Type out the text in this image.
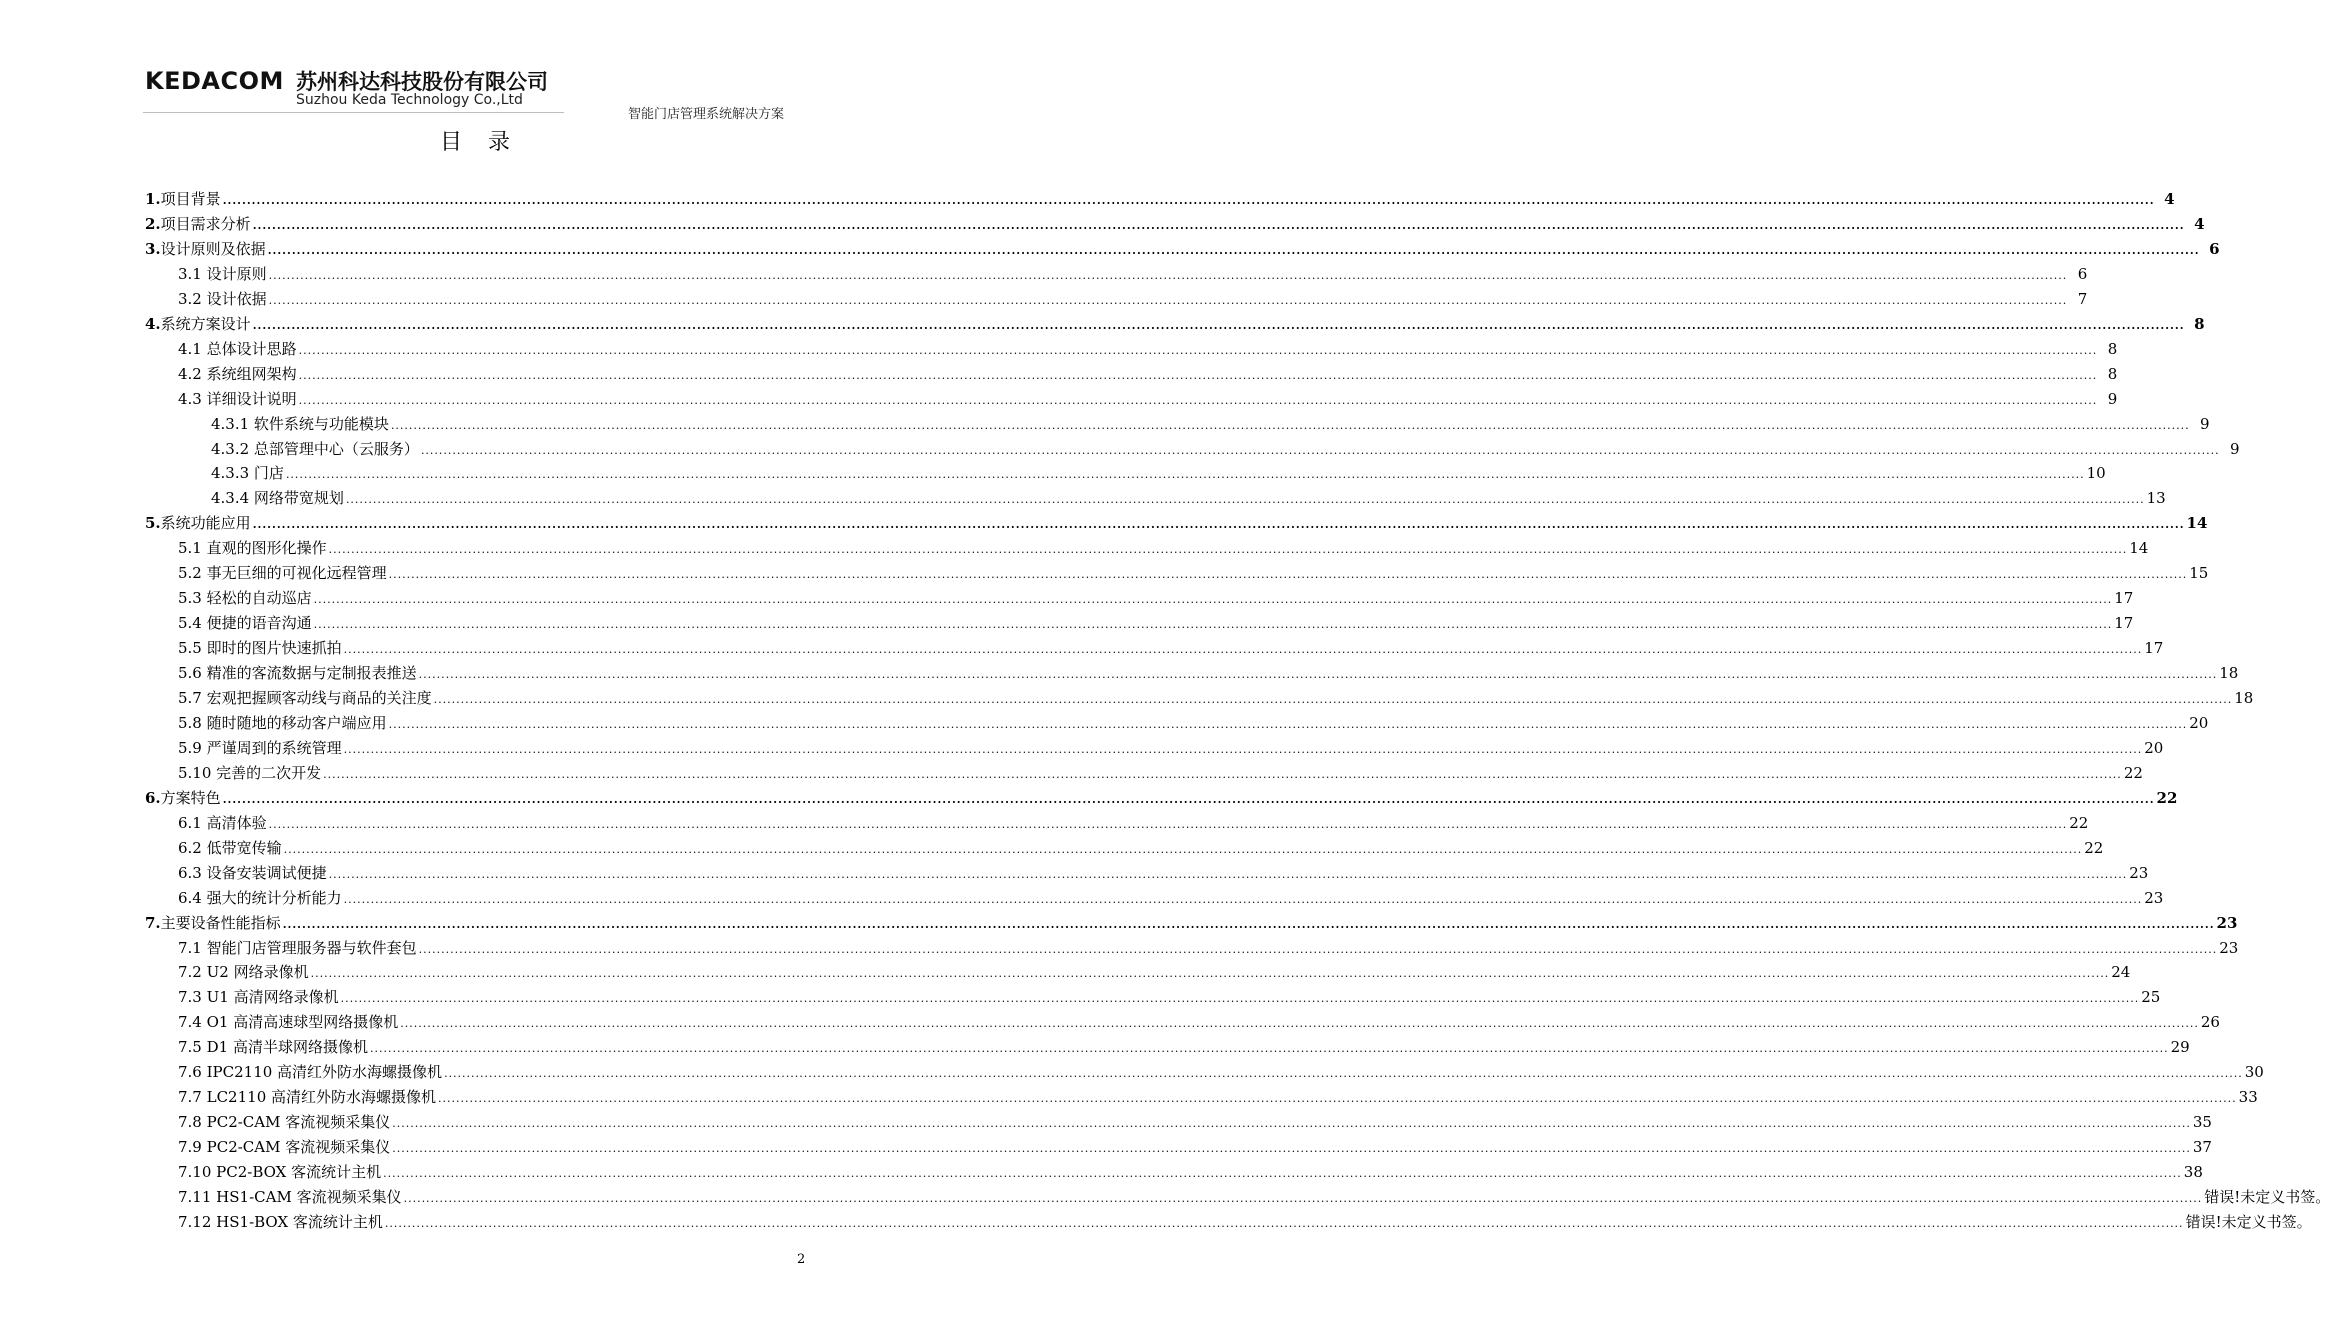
KEDACOM 苏州科达科技股份有限公司
Suzhou Keda Technology Co.,Ltd
智能门店管理系统解决方案
目录
1.项目背景 ................................................................................................................................................................................................................................................................................................................................................................................................................ 4
2.项目需求分析 ................................................................................................................................................................................................................................................................................................................................................................................................................ 4
3.设计原则及依据 ................................................................................................................................................................................................................................................................................................................................................................................................................ 6
3.1 设计原则 ................................................................................................................................................................................................................................................................................................................................................................................................................ 6
3.2 设计依据 ................................................................................................................................................................................................................................................................................................................................................................................................................ 7
4.系统方案设计 ................................................................................................................................................................................................................................................................................................................................................................................................................ 8
4.1 总体设计思路 ................................................................................................................................................................................................................................................................................................................................................................................................................ 8
4.2 系统组网架构 ................................................................................................................................................................................................................................................................................................................................................................................................................ 8
4.3 详细设计说明 ................................................................................................................................................................................................................................................................................................................................................................................................................ 9
4.3.1 软件系统与功能模块 ................................................................................................................................................................................................................................................................................................................................................................................................................ 9
4.3.2 总部管理中心（云服务） ................................................................................................................................................................................................................................................................................................................................................................................................................ 9
4.3.3 门店 ................................................................................................................................................................................................................................................................................................................................................................................................................ 10
4.3.4 网络带宽规划 ................................................................................................................................................................................................................................................................................................................................................................................................................ 13
5.系统功能应用 ................................................................................................................................................................................................................................................................................................................................................................................................................ 14
5.1 直观的图形化操作 ................................................................................................................................................................................................................................................................................................................................................................................................................ 14
5.2 事无巨细的可视化远程管理 ................................................................................................................................................................................................................................................................................................................................................................................................................ 15
5.3 轻松的自动巡店 ................................................................................................................................................................................................................................................................................................................................................................................................................ 17
5.4 便捷的语音沟通 ................................................................................................................................................................................................................................................................................................................................................................................................................ 17
5.5 即时的图片快速抓拍 ................................................................................................................................................................................................................................................................................................................................................................................................................ 17
5.6 精准的客流数据与定制报表推送 ................................................................................................................................................................................................................................................................................................................................................................................................................ 18
5.7 宏观把握顾客动线与商品的关注度 ................................................................................................................................................................................................................................................................................................................................................................................................................ 18
5.8 随时随地的移动客户端应用 ................................................................................................................................................................................................................................................................................................................................................................................................................ 20
5.9 严谨周到的系统管理 ................................................................................................................................................................................................................................................................................................................................................................................................................ 20
5.10 完善的二次开发 ................................................................................................................................................................................................................................................................................................................................................................................................................ 22
6.方案特色 ................................................................................................................................................................................................................................................................................................................................................................................................................ 22
6.1 高清体验 ................................................................................................................................................................................................................................................................................................................................................................................................................ 22
6.2 低带宽传输 ................................................................................................................................................................................................................................................................................................................................................................................................................ 22
6.3 设备安装调试便捷 ................................................................................................................................................................................................................................................................................................................................................................................................................ 23
6.4 强大的统计分析能力 ................................................................................................................................................................................................................................................................................................................................................................................................................ 23
7.主要设备性能指标 ................................................................................................................................................................................................................................................................................................................................................................................................................ 23
7.1 智能门店管理服务器与软件套包 ................................................................................................................................................................................................................................................................................................................................................................................................................ 23
7.2 U2 网络录像机 ................................................................................................................................................................................................................................................................................................................................................................................................................ 24
7.3 U1 高清网络录像机 ................................................................................................................................................................................................................................................................................................................................................................................................................ 25
7.4 O1 高清高速球型网络摄像机 ................................................................................................................................................................................................................................................................................................................................................................................................................ 26
7.5 D1 高清半球网络摄像机 ................................................................................................................................................................................................................................................................................................................................................................................................................ 29
7.6 IPC2110 高清红外防水海螺摄像机 ................................................................................................................................................................................................................................................................................................................................................................................................................ 30
7.7 LC2110 高清红外防水海螺摄像机 ................................................................................................................................................................................................................................................................................................................................................................................................................ 33
7.8 PC2-CAM 客流视频采集仪 ................................................................................................................................................................................................................................................................................................................................................................................................................ 35
7.9 PC2-CAM 客流视频采集仪 ................................................................................................................................................................................................................................................................................................................................................................................................................ 37
7.10 PC2-BOX 客流统计主机 ................................................................................................................................................................................................................................................................................................................................................................................................................ 38
7.11 HS1-CAM 客流视频采集仪 ................................................................................................................................................................................................................................................................................................................................................................................................................ 错误!未定义书签。
7.12 HS1-BOX 客流统计主机 ................................................................................................................................................................................................................................................................................................................................................................................................................ 错误!未定义书签。
2
